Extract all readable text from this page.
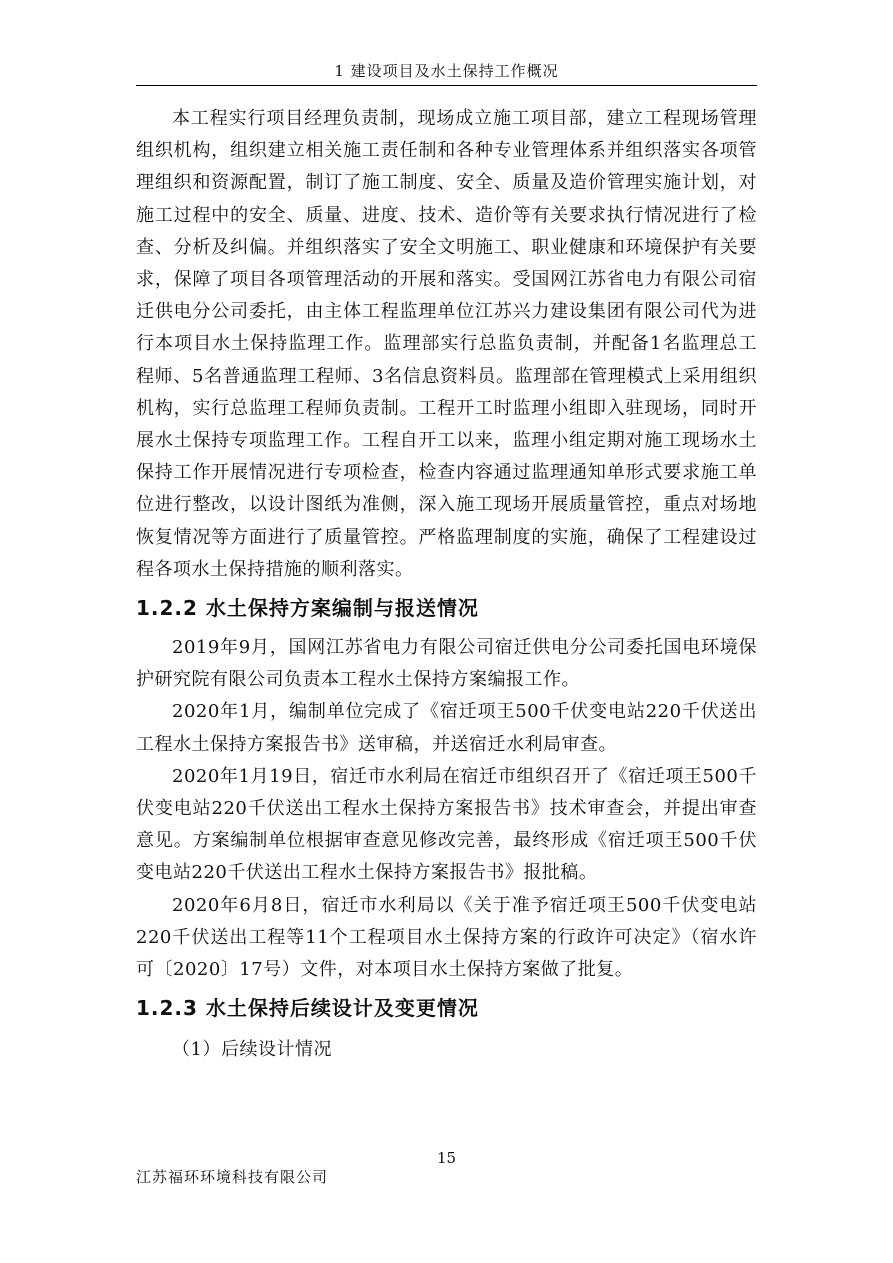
1 建设项目及水土保持工作概况

本工程实行项目经理负责制，现场成立施工项目部，建立工程现场管理组织机构，组织建立相关施工责任制和各种专业管理体系并组织落实各项管理组织和资源配置，制订了施工制度、安全、质量及造价管理实施计划，对施工过程中的安全、质量、进度、技术、造价等有关要求执行情况进行了检查、分析及纠偏。并组织落实了安全文明施工、职业健康和环境保护有关要求，保障了项目各项管理活动的开展和落实。受国网江苏省电力有限公司宿迁供电分公司委托，由主体工程监理单位江苏兴力建设集团有限公司代为进行本项目水土保持监理工作。监理部实行总监负责制，并配备1名监理总工程师、5名普通监理工程师、3名信息资料员。监理部在管理模式上采用组织机构，实行总监理工程师负责制。工程开工时监理小组即入驻现场，同时开展水土保持专项监理工作。工程自开工以来，监理小组定期对施工现场水土保持工作开展情况进行专项检查，检查内容通过监理通知单形式要求施工单位进行整改，以设计图纸为准侧，深入施工现场开展质量管控，重点对场地恢复情况等方面进行了质量管控。严格监理制度的实施，确保了工程建设过程各项水土保持措施的顺利落实。

1.2.2 水土保持方案编制与报送情况

2019年9月，国网江苏省电力有限公司宿迁供电分公司委托国电环境保护研究院有限公司负责本工程水土保持方案编报工作。

2020年1月，编制单位完成了《宿迁项王500千伏变电站220千伏送出工程水土保持方案报告书》送审稿，并送宿迁水利局审查。

2020年1月19日，宿迁市水利局在宿迁市组织召开了《宿迁项王500千伏变电站220千伏送出工程水土保持方案报告书》技术审查会，并提出审查意见。方案编制单位根据审查意见修改完善，最终形成《宿迁项王500千伏变电站220千伏送出工程水土保持方案报告书》报批稿。

2020年6月8日，宿迁市水利局以《关于准予宿迁项王500千伏变电站220千伏送出工程等11个工程项目水土保持方案的行政许可决定》（宿水许可〔2020〕17号）文件，对本项目水土保持方案做了批复。

1.2.3 水土保持后续设计及变更情况

（1）后续设计情况

15
江苏福环环境科技有限公司
